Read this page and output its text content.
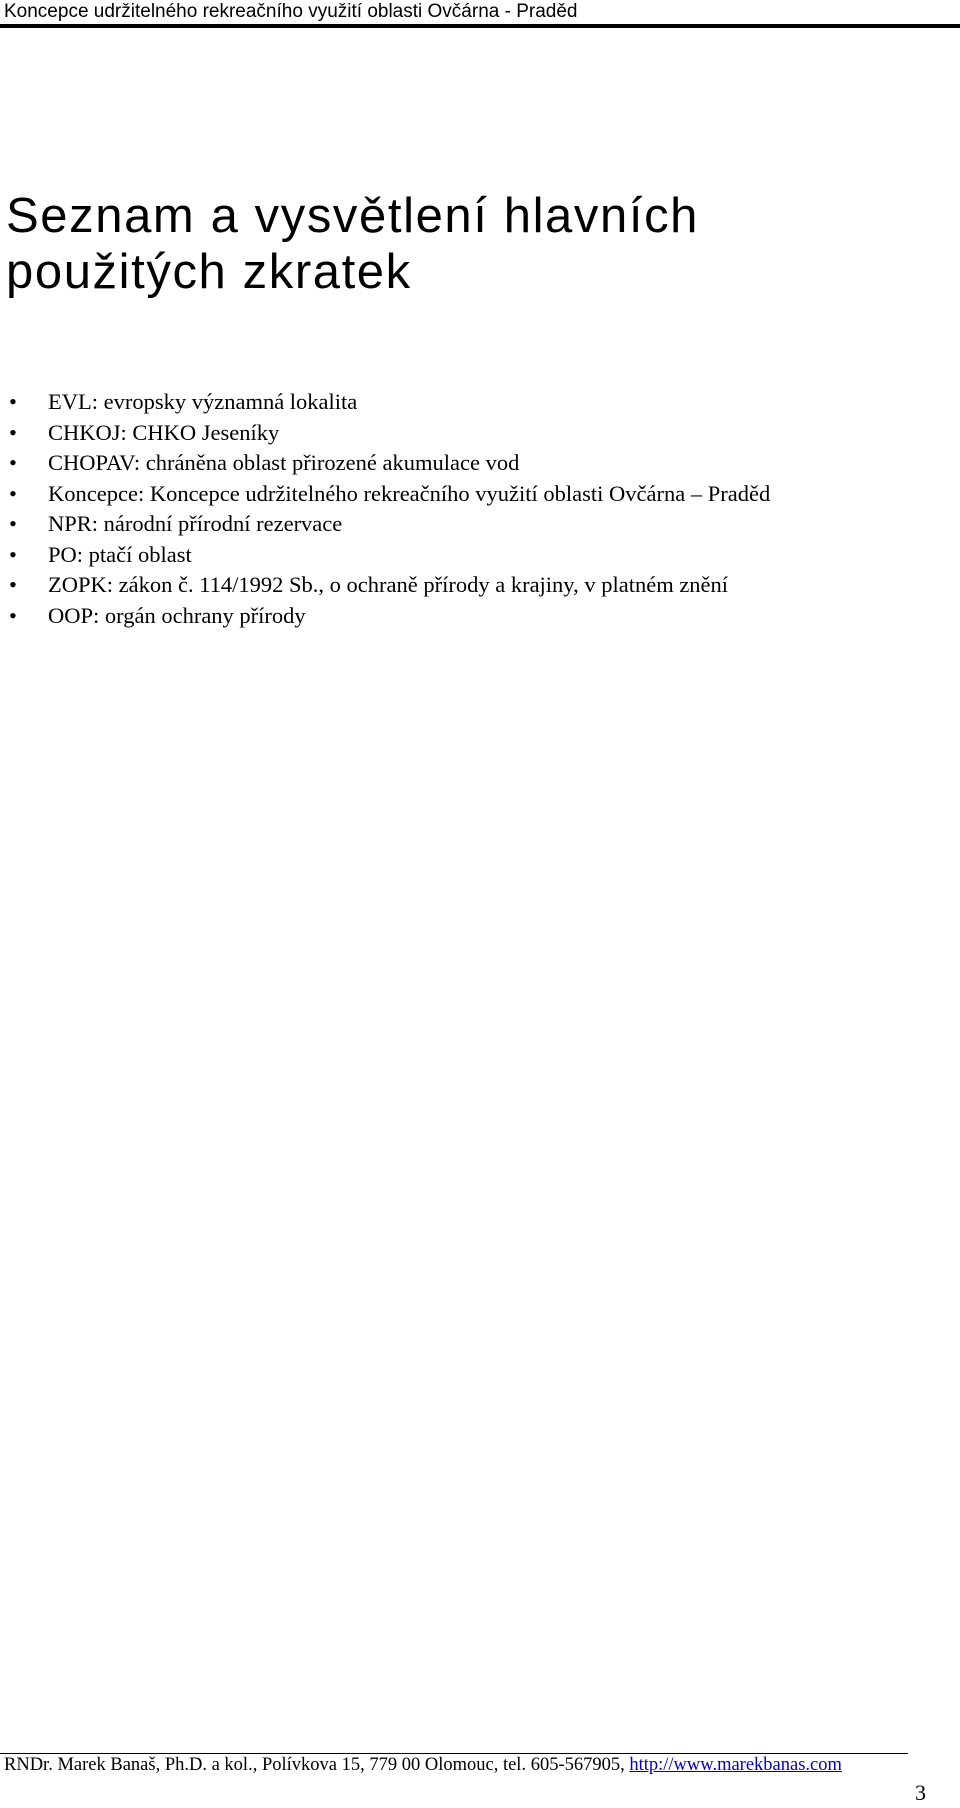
Koncepce udržitelného rekreačního využití oblasti Ovčárna - Praděd
Seznam a vysvětlení hlavních
použitých zkratek
• EVL: evropsky významná lokalita
• CHKOJ: CHKO Jeseníky
• CHOPAV: chráněna oblast přirozené akumulace vod
• Koncepce: Koncepce udržitelného rekreačního využití oblasti Ovčárna – Praděd
• NPR: národní přírodní rezervace
• PO: ptačí oblast
• ZOPK: zákon č. 114/1992 Sb., o ochraně přírody a krajiny, v platném znění
• OOP: orgán ochrany přírody
RNDr. Marek Banaš, Ph.D. a kol., Polívkova 15, 779 00 Olomouc, tel. 605-567905, http://www.marekbanas.com
3
